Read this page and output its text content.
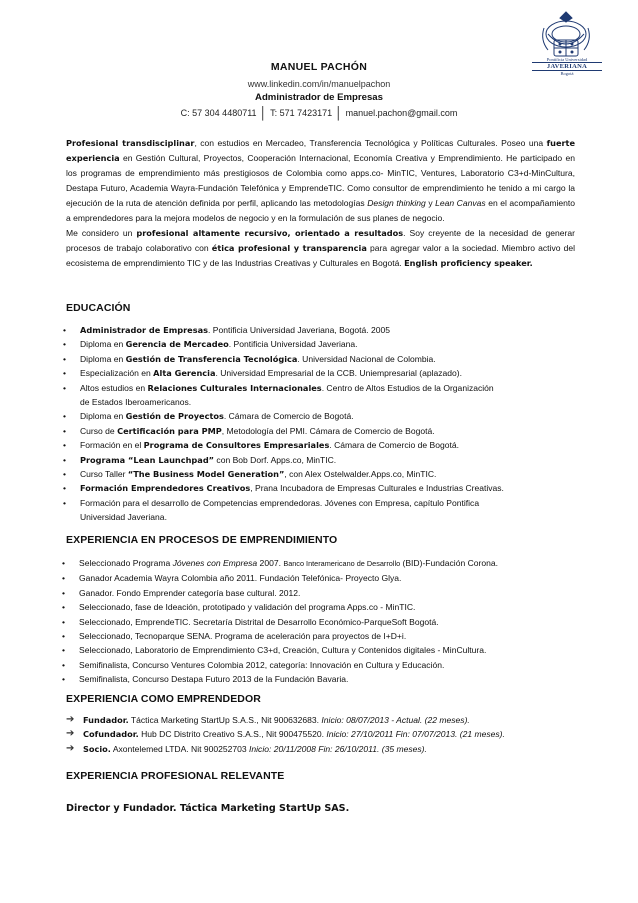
Pontificia Universidad
JAVERIANA
Bogotá
MANUEL PACHÓN
www.linkedin.com/in/manuelpachon
Administrador de Empresas
C: 57 304 4480711 │ T: 571 7423171 │ manuel.pachon@gmail.com

Profesional transdisciplinar, con estudios en Mercadeo, Transferencia Tecnológica y Políticas Culturales. Poseo una fuerte experiencia en Gestión Cultural, Proyectos, Cooperación Internacional, Economía Creativa y Emprendimiento. He participado en los programas de emprendimiento más prestigiosos de Colombia como apps.co- MinTIC, Ventures, Laboratorio C3+d-MinCultura, Destapa Futuro, Academia Wayra-Fundación Telefónica y EmprendeTIC. Como consultor de emprendimiento he tenido a mi cargo la ejecución de la ruta de atención definida por perfil, aplicando las metodologías Design thinking y Lean Canvas en el acompañamiento a emprendedores para la mejora modelos de negocio y en la formulación de sus planes de negocio.

Me considero un profesional altamente recursivo, orientado a resultados. Soy creyente de la necesidad de generar procesos de trabajo colaborativo con ética profesional y transparencia para agregar valor a la sociedad. Miembro activo del ecosistema de emprendimiento TIC y de las Industrias Creativas y Culturales en Bogotá. English proficiency speaker.

EDUCACIÓN
• Administrador de Empresas. Pontificia Universidad Javeriana, Bogotá. 2005
• Diploma en Gerencia de Mercadeo. Pontificia Universidad Javeriana.
• Diploma en Gestión de Transferencia Tecnológica. Universidad Nacional de Colombia.
• Especialización en Alta Gerencia. Universidad Empresarial de la CCB. Uniempresarial (aplazado).
• Altos estudios en Relaciones Culturales Internacionales. Centro de Altos Estudios de la Organización
de Estados Iberoamericanos.
• Diploma en Gestión de Proyectos. Cámara de Comercio de Bogotá.
• Curso de Certificación para PMP, Metodología del PMI. Cámara de Comercio de Bogotá.
• Formación en el Programa de Consultores Empresariales. Cámara de Comercio de Bogotá.
• Programa “Lean Launchpad” con Bob Dorf. Apps.co, MinTIC.
• Curso Taller “The Business Model Generation”, con Alex Ostelwalder.Apps.co, MinTIC.
• Formación Emprendedores Creativos, Prana Incubadora de Empresas Culturales e Industrias Creativas.
• Formación para el desarrollo de Competencias emprendedoras. Jóvenes con Empresa, capítulo Pontifica
Universidad Javeriana.
EXPERIENCIA EN PROCESOS DE EMPRENDIMIENTO
• Seleccionado Programa Jóvenes con Empresa 2007. Banco Interamericano de Desarrollo (BID)-Fundación Corona.
• Ganador Academia Wayra Colombia año 2011. Fundación Telefónica- Proyecto Glya.
• Ganador. Fondo Emprender categoría base cultural. 2012.
• Seleccionado, fase de Ideación, prototipado y validación del programa Apps.co - MinTIC.
• Seleccionado, EmprendeTIC. Secretaría Distrital de Desarrollo Económico-ParqueSoft Bogotá.
• Seleccionado, Tecnoparque SENA. Programa de aceleración para proyectos de I+D+i.
• Seleccionado, Laboratorio de Emprendimiento C3+d, Creación, Cultura y Contenidos digitales - MinCultura.
• Semifinalista, Concurso Ventures Colombia 2012, categoría: Innovación en Cultura y Educación.
• Semifinalista, Concurso Destapa Futuro 2013 de la Fundación Bavaria.
EXPERIENCIA COMO EMPRENDEDOR
➔ Fundador. Táctica Marketing StartUp S.A.S., Nit 900632683. Inicio: 08/07/2013 - Actual. (22 meses).
➔ Cofundador. Hub DC Distrito Creativo S.A.S., Nit 900475520. Inicio: 27/10/2011 Fin: 07/07/2013. (21 meses).
➔ Socio. Axontelemed LTDA. Nit 900252703 Inicio: 20/11/2008 Fin: 26/10/2011. (35 meses).
EXPERIENCIA PROFESIONAL RELEVANTE
Director y Fundador. Táctica Marketing StartUp SAS.
